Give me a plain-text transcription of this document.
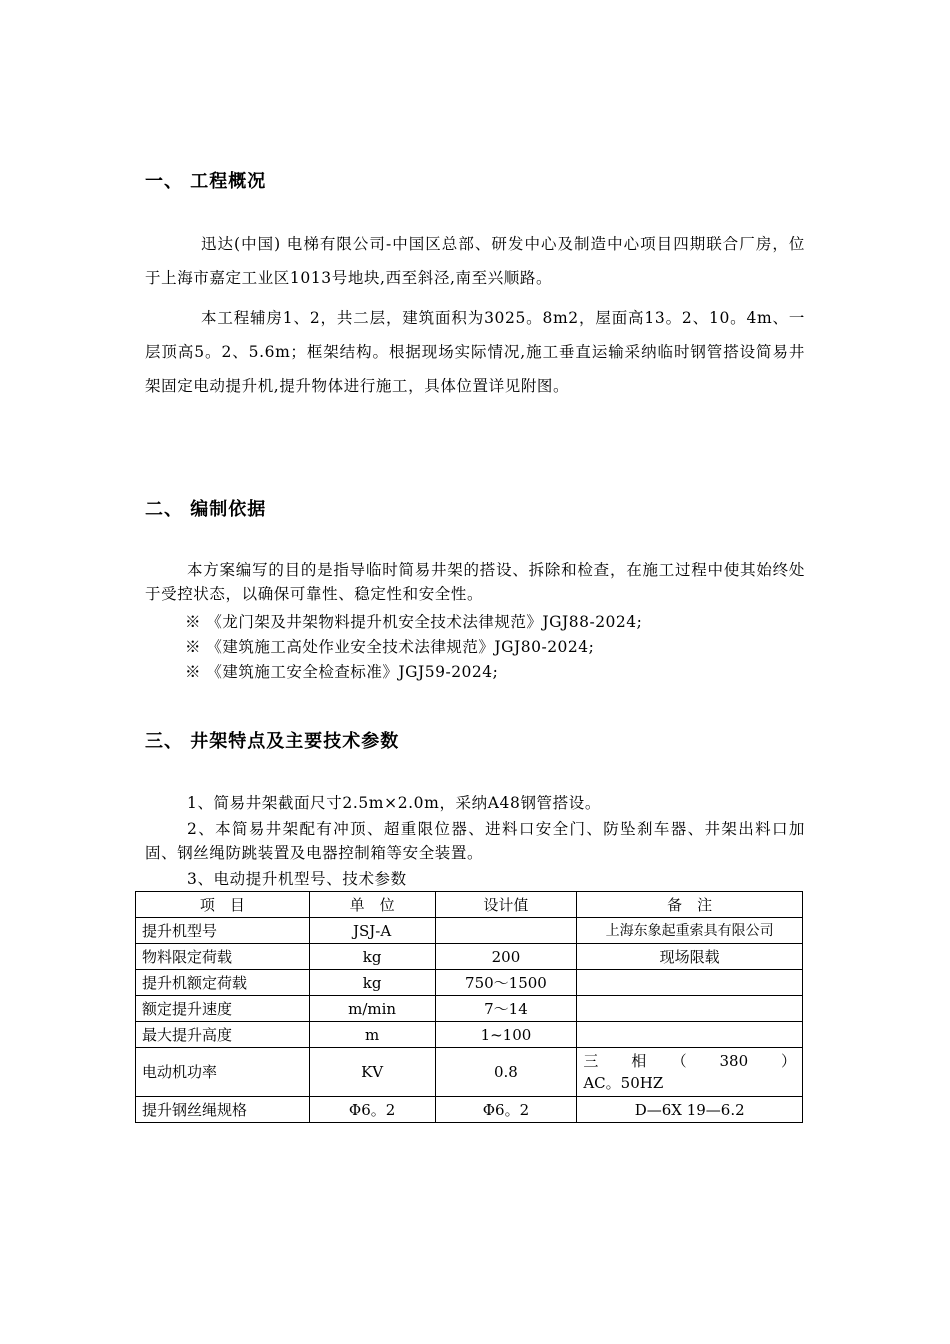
一、 工程概况

迅达(中国) 电梯有限公司-中国区总部、研发中心及制造中心项目四期联合厂房，位于上海市嘉定工业区1013号地块,西至斜泾,南至兴顺路。

本工程辅房1、2，共二层，建筑面积为3025。8m2，屋面高13。2、10。4m、一层顶高5。2、5.6m；框架结构。根据现场实际情况,施工垂直运输采纳临时钢管搭设简易井架固定电动提升机,提升物体进行施工，具体位置详见附图。

二、 编制依据

本方案编写的目的是指导临时简易井架的搭设、拆除和检查，在施工过程中使其始终处于受控状态，以确保可靠性、稳定性和安全性。

※ 《龙门架及井架物料提升机安全技术法律规范》JGJ88-2024;
※ 《建筑施工高处作业安全技术法律规范》JGJ80-2024;
※ 《建筑施工安全检查标准》JGJ59-2024;
三、 井架特点及主要技术参数

1、简易井架截面尺寸2.5m×2.0m，采纳A48钢管搭设。

2、本简易井架配有冲顶、超重限位器、进料口安全门、防坠刹车器、井架出料口加固、钢丝绳防跳装置及电器控制箱等安全装置。

3、电动提升机型号、技术参数

项　目	单　位	设计值	备　注
提升机型号	JSJ-A		上海东象起重索具有限公司
物料限定荷载	kg	200	现场限载
提升机额定荷载	kg	750～1500	
额定提升速度	m/min	7～14	
最大提升高度	m	1~100	
电动机功率	KV	0.8	三　相　（　380　）
AC。50HZ

提升钢丝绳规格	Φ6。2	Φ6。2	D—6X 19—6.2
